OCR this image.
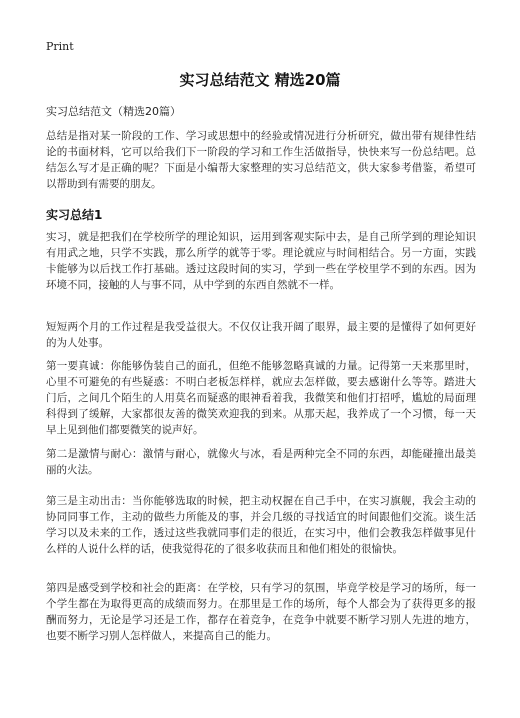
Print
实习总结范文 精选20篇
实习总结范文（精选20篇）

总结是指对某一阶段的工作、学习或思想中的经验或情况进行分析研究，做出带有规律性结论的书面材料，它可以给我们下一阶段的学习和工作生活做指导，快快来写一份总结吧。总结怎么写才是正确的呢？下面是小编帮大家整理的实习总结范文，供大家参考借鉴，希望可以帮助到有需要的朋友。

实习总结1

实习，就是把我们在学校所学的理论知识，运用到客观实际中去，是自己所学到的理论知识有用武之地，只学不实践，那么所学的就等于零。理论就应与时间相结合。另一方面，实践卡能够为以后找工作打基础。透过这段时间的实习，学到一些在学校里学不到的东西。因为环境不同，接触的人与事不同，从中学到的东西自然就不一样。

短短两个月的工作过程是我受益很大。不仅仅让我开阔了眼界，最主要的是懂得了如何更好的为人处事。

第一要真诚：你能够伪装自己的面孔，但绝不能够忽略真诚的力量。记得第一天来那里时，心里不可避免的有些疑惑：不明白老板怎样样，就应去怎样做，要去感谢什么等等。踏进大门后，之间几个陌生的人用莫名而疑惑的眼神看着我，我微笑和他们打招呼，尴尬的局面理科得到了缓解，大家都很友善的微笑欢迎我的到来。从那天起，我养成了一个习惯，每一天早上见到他们都要微笑的说声好。

第二是激情与耐心：激情与耐心，就像火与冰，看是两种完全不同的东西，却能碰撞出最美丽的火法。

第三是主动出击：当你能够选取的时候，把主动权握在自己手中，在实习旗舰，我会主动的协同同事工作，主动的做些力所能及的事，并会几级的寻找适宜的时间跟他们交流。谈生活学习以及未来的工作，透过这些我就同事们走的很近，在实习中，他们会教我怎样做事见什么样的人说什么样的话，使我觉得花的了很多收获而且和他们相处的很愉快。

第四是感受到学校和社会的距离：在学校，只有学习的氛围，毕竟学校是学习的场所，每一个学生都在为取得更高的成绩而努力。在那里是工作的场所，每个人都会为了获得更多的报酬而努力，无论是学习还是工作，都存在着竞争，在竞争中就要不断学习别人先进的地方，也要不断学习别人怎样做人，来提高自己的能力。
